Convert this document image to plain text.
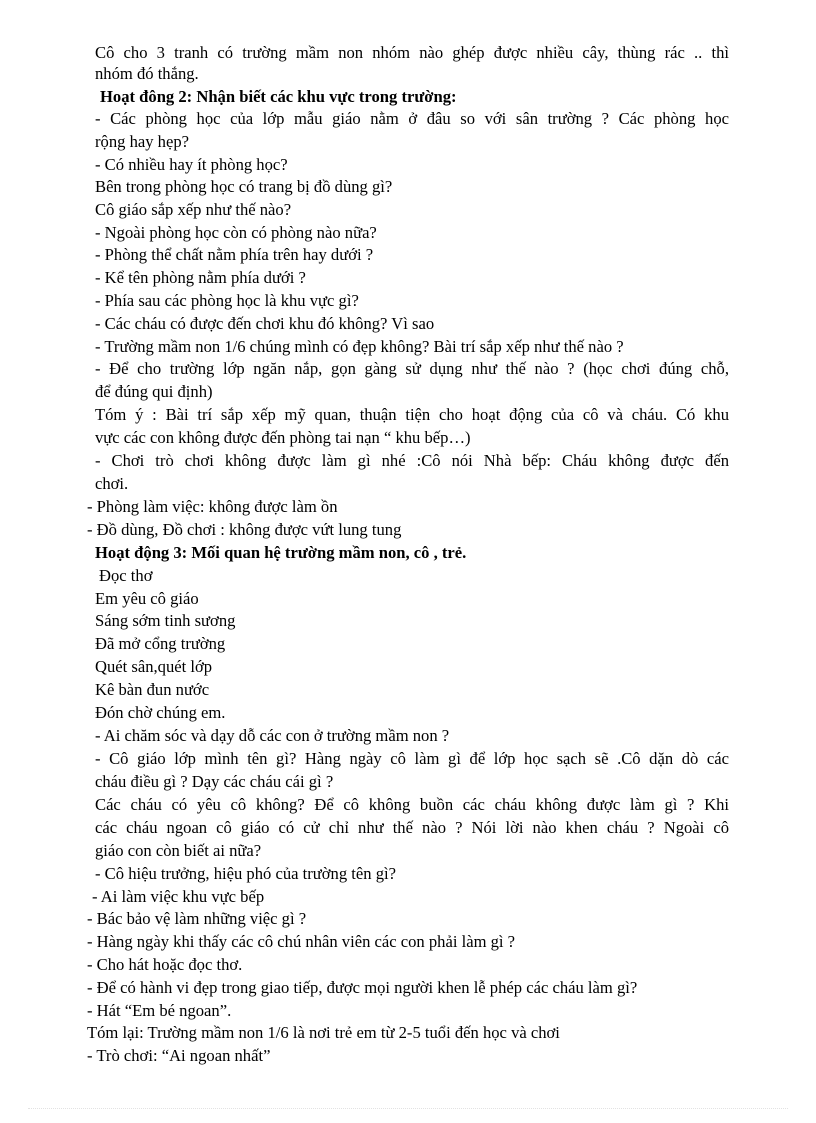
Cô cho 3 tranh có trường mầm non nhóm nào ghép được nhiều cây, thùng rác .. thì
nhóm đó thắng.
Hoạt đông 2: Nhận biết các khu vực trong trường:
- Các phòng học của lớp mẫu giáo nằm ở đâu so với sân trường ? Các phòng học
rộng hay hẹp?
- Có nhiều hay ít phòng học?
Bên trong phòng học có trang bị đồ dùng gì?
Cô giáo sắp xếp như thế nào?
- Ngoài phòng học còn có phòng nào nữa?
- Phòng thể chất nằm phía trên hay dưới ?
- Kể tên phòng nằm phía dưới ?
- Phía sau các phòng học là khu vực gì?
- Các cháu có được đến chơi khu đó không? Vì sao
- Trường mầm non 1/6 chúng mình có đẹp không? Bài trí sắp xếp như thế nào ?
- Để cho trường lớp ngăn nắp, gọn gàng sử dụng như thế nào ? (học chơi đúng chỗ,
để đúng qui định)
Tóm ý : Bài trí sắp xếp mỹ quan, thuận tiện cho hoạt động của cô và cháu. Có khu
vực các con không được đến phòng tai nạn “ khu bếp…)
- Chơi trò chơi không được làm gì nhé :Cô nói Nhà bếp: Cháu không được đến
chơi.
- Phòng làm việc: không được làm ồn
- Đồ dùng, Đồ chơi : không được vứt lung tung
Hoạt động 3: Mối quan hệ trường mầm non, cô , trẻ.
Đọc thơ
Em yêu cô giáo
Sáng sớm tinh sương
Đã mở cổng trường
Quét sân,quét lớp
Kê bàn đun nước
Đón chờ chúng em.
- Ai chăm sóc và dạy dỗ các con ở trường mầm non ?
- Cô giáo lớp mình tên gì? Hàng ngày cô làm gì để lớp học sạch sẽ .Cô dặn dò các
cháu điều gì ? Dạy các cháu cái gì ?
Các cháu có yêu cô không? Để cô không buồn các cháu không được làm gì ? Khi
các cháu ngoan cô giáo có cử chỉ như thế nào ? Nói lời nào khen cháu ? Ngoài cô
giáo con còn biết ai nữa?
- Cô hiệu trưởng, hiệu phó của trường tên gì?
- Ai làm việc khu vực bếp
- Bác bảo vệ làm những việc gì ?
- Hàng ngày khi thấy các cô chú nhân viên các con phải làm gì ?
- Cho hát hoặc đọc thơ.
- Để có hành vi đẹp trong giao tiếp, được mọi người khen lễ phép các cháu làm gì?
- Hát “Em bé ngoan”.
Tóm lại: Trường mầm non 1/6 là nơi trẻ em từ 2-5 tuổi đến học và chơi
- Trò chơi: “Ai ngoan nhất”
